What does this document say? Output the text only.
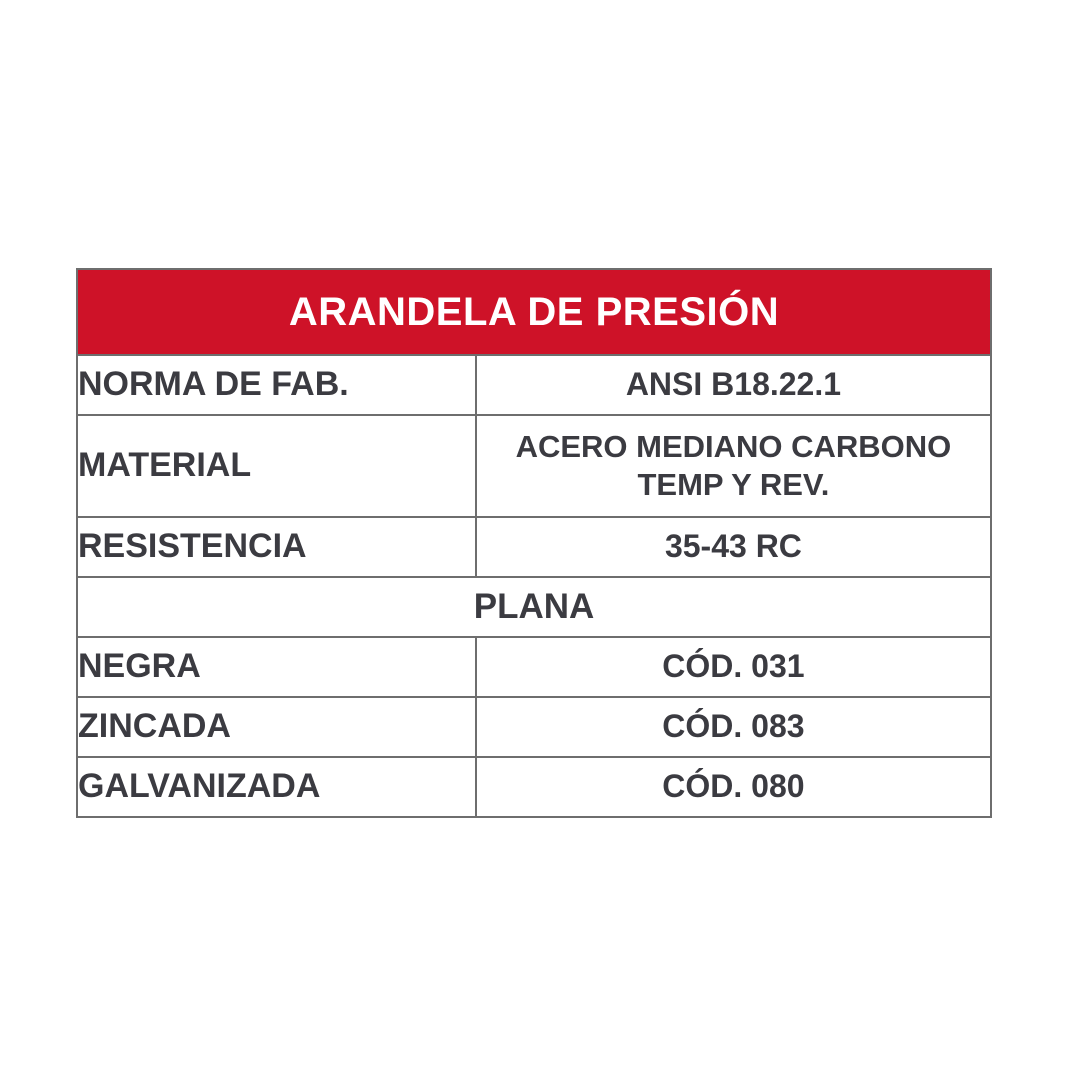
ARANDELA DE PRESIÓN	
NORMA DE FAB.	ANSI B18.22.1
MATERIAL	ACERO MEDIANO CARBONO TEMP Y REV.
RESISTENCIA	35-43 RC
PLANA	
NEGRA	CÓD. 031
ZINCADA	CÓD. 083
GALVANIZADA	CÓD. 080
